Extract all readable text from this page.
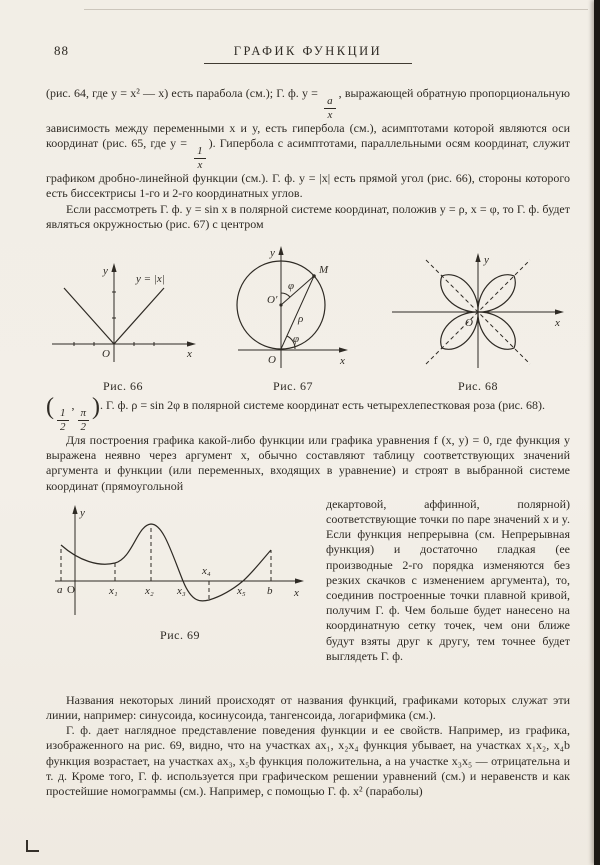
88	ГРАФИК ФУНКЦИИ

(рис. 64, где y = x² — x) есть парабола (см.); Г. ф. y =
$\frac{a}{x}$
, выражающей обратную пропорциональную зависимость между переменными x и y, есть гипербола (см.), асимптотами которой являются оси координат (рис. 65, где y =
$\frac{1}{x}$
). Гипербола с асимптотами, параллельными осям координат, служит графиком дробно-линейной функции (см.). Г. ф. y = |x| есть прямой угол (рис. 66), стороны которого есть биссектрисы 1-го и 2-го координатных углов.

Если рассмотреть Г. ф. y = sin x в полярной системе координат, положив y = ρ, x = φ, то Г. ф. будет являться окружностью (рис. 67) с центром

y = |x|
y
x
O
Рис. 66
φ
φ
ρ
O′
M
y
x
O
Рис. 67
y
x
O
Рис. 68

(
$\frac{1}{2}$
,
$\frac{\pi}{2}$
). Г. ф. ρ = sin 2φ в полярной системе координат есть четырехлепестковая роза (рис. 68).

Для построения графика какой-либо функции или графика уравнения f (x, y) = 0, где функция y выражена неявно через аргумент x, обычно составляют таблицу соответствующих значений аргумента и функции (или переменных, входящих в уравнение) и строят в выбранной системе координат (прямоугольной

y
x
O
a	x₁ x₂ x₃
x₄
x₅ b
Рис. 69

декартовой, аффинной, полярной) соответствующие точки по паре значений x и y. Если функция непрерывна (см. Непрерывная функция) и достаточно гладкая (ее производные 2-го порядка изменяются без резких скачков с изменением аргумента), то, соединив построенные точки плавной кривой, получим Г. ф. Чем больше будет нанесено на координатную сетку точек, чем они ближе будут взяты друг к другу, тем точнее будет выглядеть Г. ф.

Названия некоторых линий происходят от названия функций, графиками которых служат эти линии, например: синусоида, косинусоида, тангенсоида, логарифмика (см.).

Г. ф. дает наглядное представление поведения функции и ее свойств. Например, из графика, изображенного на рис. 69, видно, что на участках ax₁, x₂x₄ функция убывает, на участках x₁x₂, x₄b функция возрастает, на участках ax₃, x₅b функция положительна, а на участке x₃x₅ — отрицательна и т. д. Кроме того, Г. ф. используется при графическом решении уравнений (см.) и неравенств и как простейшие номограммы (см.). Например, с помощью Г. ф. x² (параболы)
